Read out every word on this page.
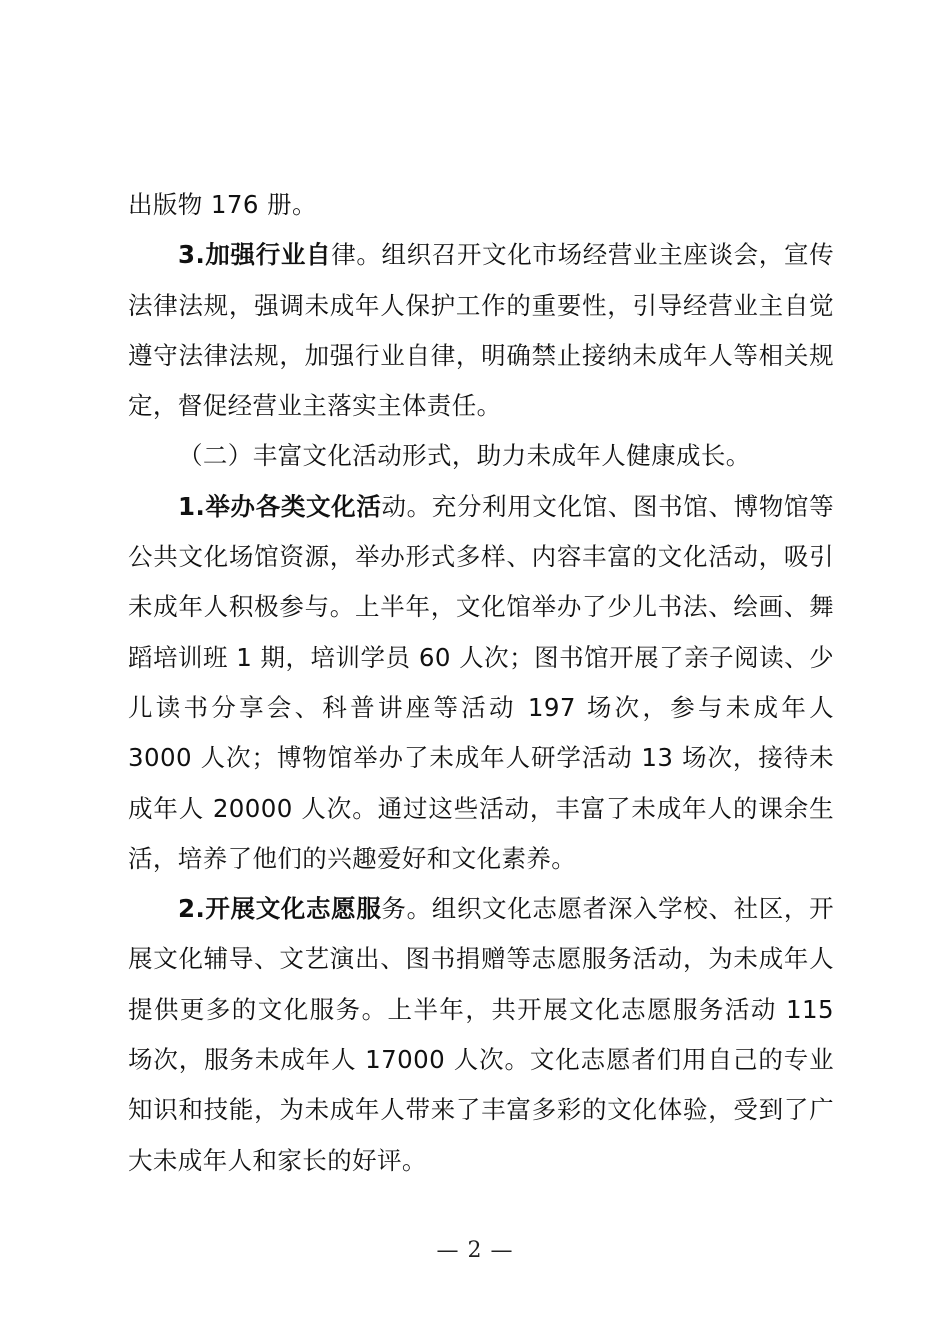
出版物 176 册。

3.加强行业自律。组织召开文化市场经营业主座谈会，宣传法律法规，强调未成年人保护工作的重要性，引导经营业主自觉遵守法律法规，加强行业自律，明确禁止接纳未成年人等相关规定，督促经营业主落实主体责任。

（二）丰富文化活动形式，助力未成年人健康成长。

1.举办各类文化活动。充分利用文化馆、图书馆、博物馆等公共文化场馆资源，举办形式多样、内容丰富的文化活动，吸引未成年人积极参与。上半年，文化馆举办了少儿书法、绘画、舞蹈培训班 1 期，培训学员 60 人次；图书馆开展了亲子阅读、少儿读书分享会、科普讲座等活动 197 场次，参与未成年人 3000 人次；博物馆举办了未成年人研学活动 13 场次，接待未成年人 20000 人次。通过这些活动，丰富了未成年人的课余生活，培养了他们的兴趣爱好和文化素养。

2.开展文化志愿服务。组织文化志愿者深入学校、社区，开展文化辅导、文艺演出、图书捐赠等志愿服务活动，为未成年人提供更多的文化服务。上半年，共开展文化志愿服务活动 115 场次，服务未成年人 17000 人次。文化志愿者们用自己的专业知识和技能，为未成年人带来了丰富多彩的文化体验，受到了广大未成年人和家长的好评。

— 2 —
